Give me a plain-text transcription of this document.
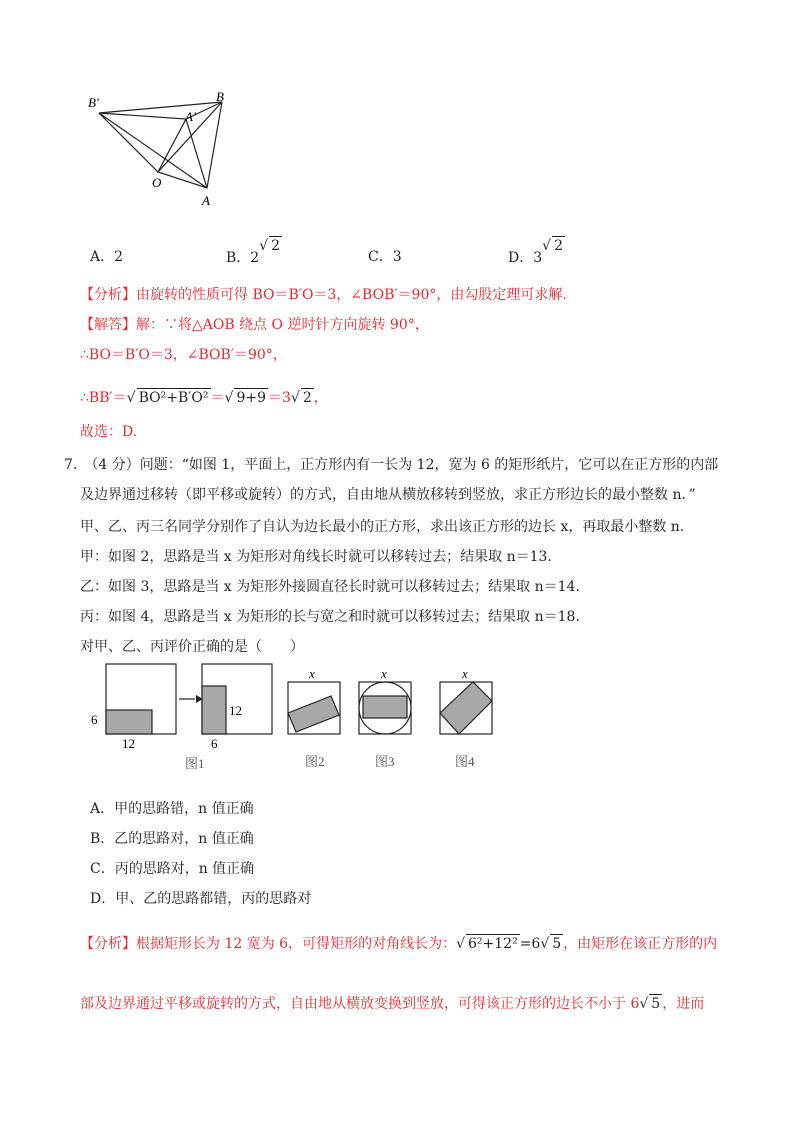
B′	B
A′
O
A
A．2	B．2√ 2
C．3	D．3√ 2
【分析】由旋转的性质可得 BO＝B′O＝3，∠BOB′＝90°，由勾股定理可求解.
【解答】解：∵将△AOB 绕点 O 逆时针方向旋转 90°，
∴BO＝B′O＝3，∠BOB′＝90°，
∴BB′＝√ BO²+B′O² ＝√ 9+9 ＝3√ 2 ，
故选：D.
7.　（4 分）问题：“如图 1，平面上，正方形内有一长为 12，宽为 6 的矩形纸片，它可以在正方形的内部
及边界通过移转（即平移或旋转）的方式，自由地从横放移转到竖放，求正方形边长的最小整数 n．”
甲、乙、丙三名同学分别作了自认为边长最小的正方形，求出该正方形的边长 x，再取最小整数 n.
甲：如图 2，思路是当 x 为矩形对角线长时就可以移转过去；结果取 n＝13.
乙：如图 3，思路是当 x 为矩形外接圆直径长时就可以移转过去；结果取 n＝14.
丙：如图 4，思路是当 x 为矩形的长与宽之和时就可以移转过去；结果取 n＝18.
对甲、乙、丙评价正确的是（　　）
6
12
12
6
x	x	x
图1	图2	图3	图4
A．甲的思路错，n 值正确
B．乙的思路对，n 值正确
C．丙的思路对，n 值正确
D．甲、乙的思路都错，丙的思路对
【分析】根据矩形长为 12 宽为 6，可得矩形的对角线长为：√ 6²+12² =6√ 5 ，由矩形在该正方形的内
部及边界通过平移或旋转的方式，自由地从横放变换到竖放，可得该正方形的边长不小于 6√ 5 ，进而
